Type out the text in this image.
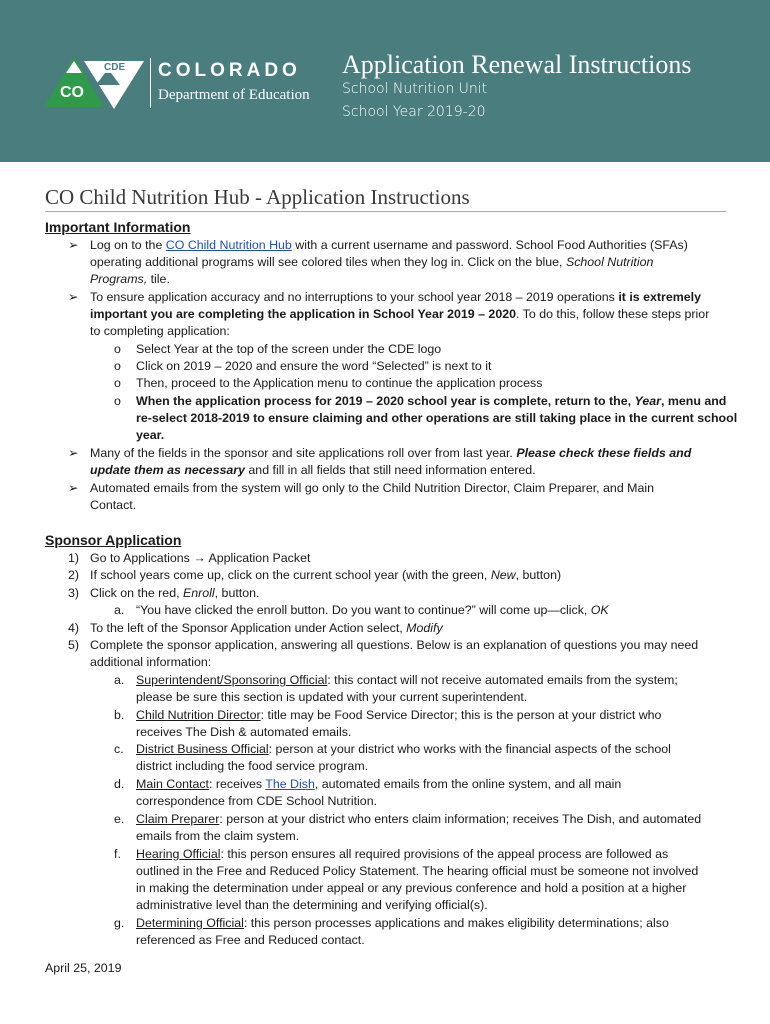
CDE
CO
COLORADO
Department of Education
Application Renewal Instructions
School Nutrition Unit
School Year 2019-20
CO Child Nutrition Hub - Application Instructions
Important Information
➢ Log on to the CO Child Nutrition Hub with a current username and password. School Food Authorities (SFAs)
operating additional programs will see colored tiles when they log in. Click on the blue, School Nutrition
Programs, tile.
➢ To ensure application accuracy and no interruptions to your school year 2018 – 2019 operations it is extremely
important you are completing the application in School Year 2019 – 2020. To do this, follow these steps prior
to completing application:
o Select Year at the top of the screen under the CDE logo
o Click on 2019 – 2020 and ensure the word “Selected” is next to it
o Then, proceed to the Application menu to continue the application process
o When the application process for 2019 – 2020 school year is complete, return to the, Year, menu and
re-select 2018-2019 to ensure claiming and other operations are still taking place in the current school
year.
➢ Many of the fields in the sponsor and site applications roll over from last year. Please check these fields and
update them as necessary and fill in all fields that still need information entered.
➢ Automated emails from the system will go only to the Child Nutrition Director, Claim Preparer, and Main
Contact.
Sponsor Application
1) Go to Applications → Application Packet
2) If school years come up, click on the current school year (with the green, New, button)
3) Click on the red, Enroll, button.
a. “You have clicked the enroll button. Do you want to continue?” will come up—click, OK
4) To the left of the Sponsor Application under Action select, Modify
5) Complete the sponsor application, answering all questions. Below is an explanation of questions you may need
additional information:
a. Superintendent/Sponsoring Official: this contact will not receive automated emails from the system;
please be sure this section is updated with your current superintendent.
b. Child Nutrition Director: title may be Food Service Director; this is the person at your district who
receives The Dish & automated emails.
c. District Business Official: person at your district who works with the financial aspects of the school
district including the food service program.
d. Main Contact: receives The Dish, automated emails from the online system, and all main
correspondence from CDE School Nutrition.
e. Claim Preparer: person at your district who enters claim information; receives The Dish, and automated
emails from the claim system.
f. Hearing Official: this person ensures all required provisions of the appeal process are followed as
outlined in the Free and Reduced Policy Statement. The hearing official must be someone not involved
in making the determination under appeal or any previous conference and hold a position at a higher
administrative level than the determining and verifying official(s).
g. Determining Official: this person processes applications and makes eligibility determinations; also
referenced as Free and Reduced contact.
April 25, 2019
